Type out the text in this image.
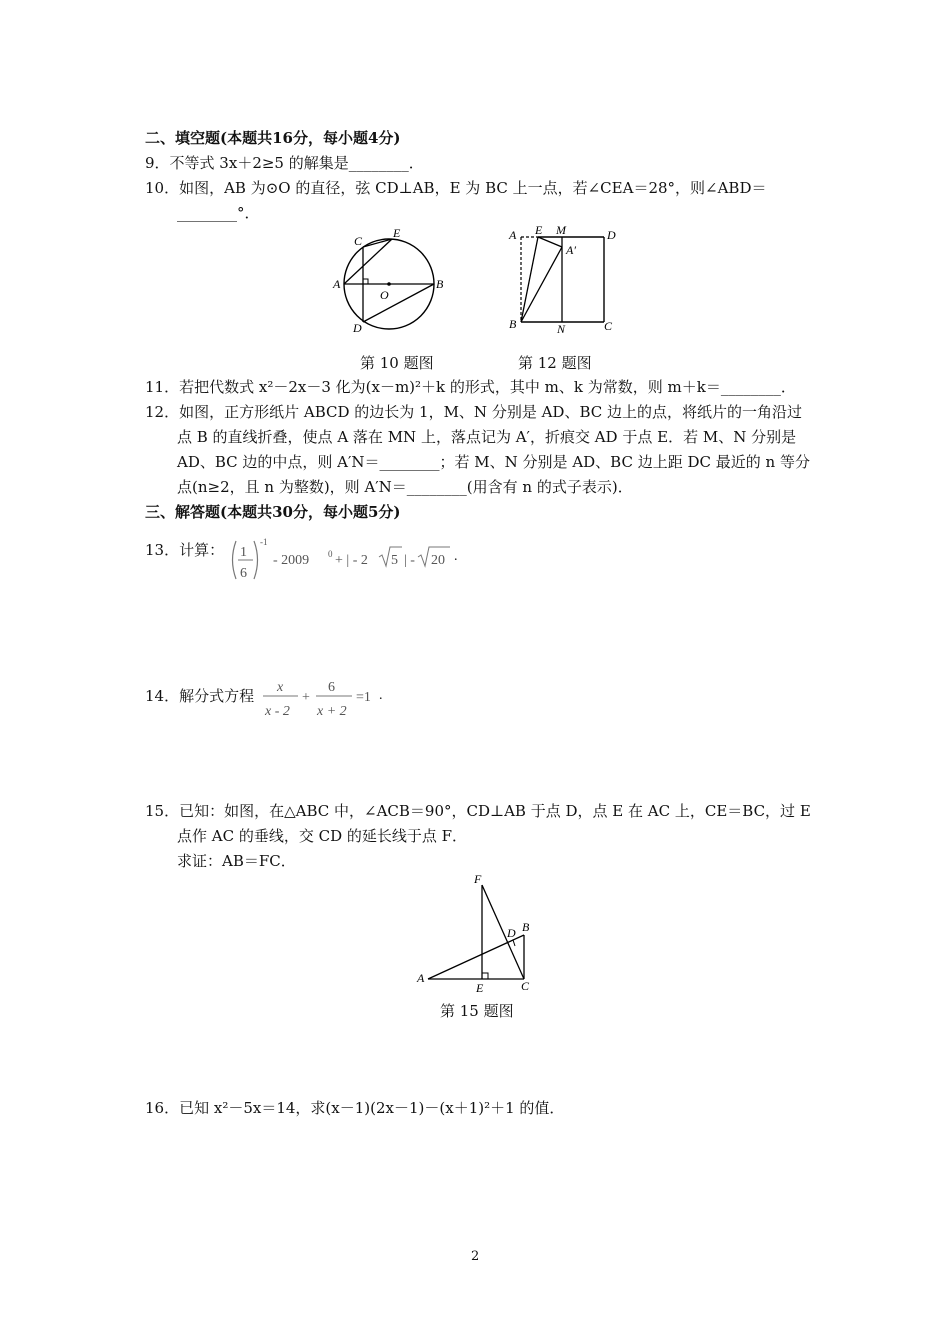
二、填空题(本题共16分，每小题4分)
9．不等式 3x＋2≥5 的解集是________．
10．如图，AB 为⊙O 的直径，弦 CD⊥AB，E 为 BC 上一点，若∠CEA＝28°，则∠ABD＝
________°．
C
E
A
O
B
D
A E M	D
A′
B	N	C
第 10 题图	第 12 题图
11．若把代数式 x²－2x－3 化为(x－m)²＋k 的形式，其中 m、k 为常数，则 m＋k＝________．
12．如图，正方形纸片 ABCD 的边长为 1，M、N 分别是 AD、BC 边上的点，将纸片的一角沿过
点 B 的直线折叠，使点 A 落在 MN 上，落点记为 A′，折痕交 AD 于点 E．若 M、N 分别是
AD、BC 边的中点，则 A′N＝________；若 M、N 分别是 AD、BC 边上距 DC 最近的 n 等分
点(n≥2，且 n 为整数)，则 A′N＝________(用含有 n 的式子表示)．
三、解答题(本题共30分，每小题5分)
13．计算： 1
6
-1
- 2009 0 + | - 2 5 | - 20 .
14．解分式方程 x
x - 2
+
6
x + 2
=1 .
15．已知：如图，在△ABC 中，∠ACB＝90°，CD⊥AB 于点 D，点 E 在 AC 上，CE＝BC，过 E
点作 AC 的垂线，交 CD 的延长线于点 F．
求证：AB＝FC．
F
D B
A
E	C
第 15 题图
16．已知 x²－5x＝14，求(x－1)(2x－1)－(x＋1)²＋1 的值．
2
